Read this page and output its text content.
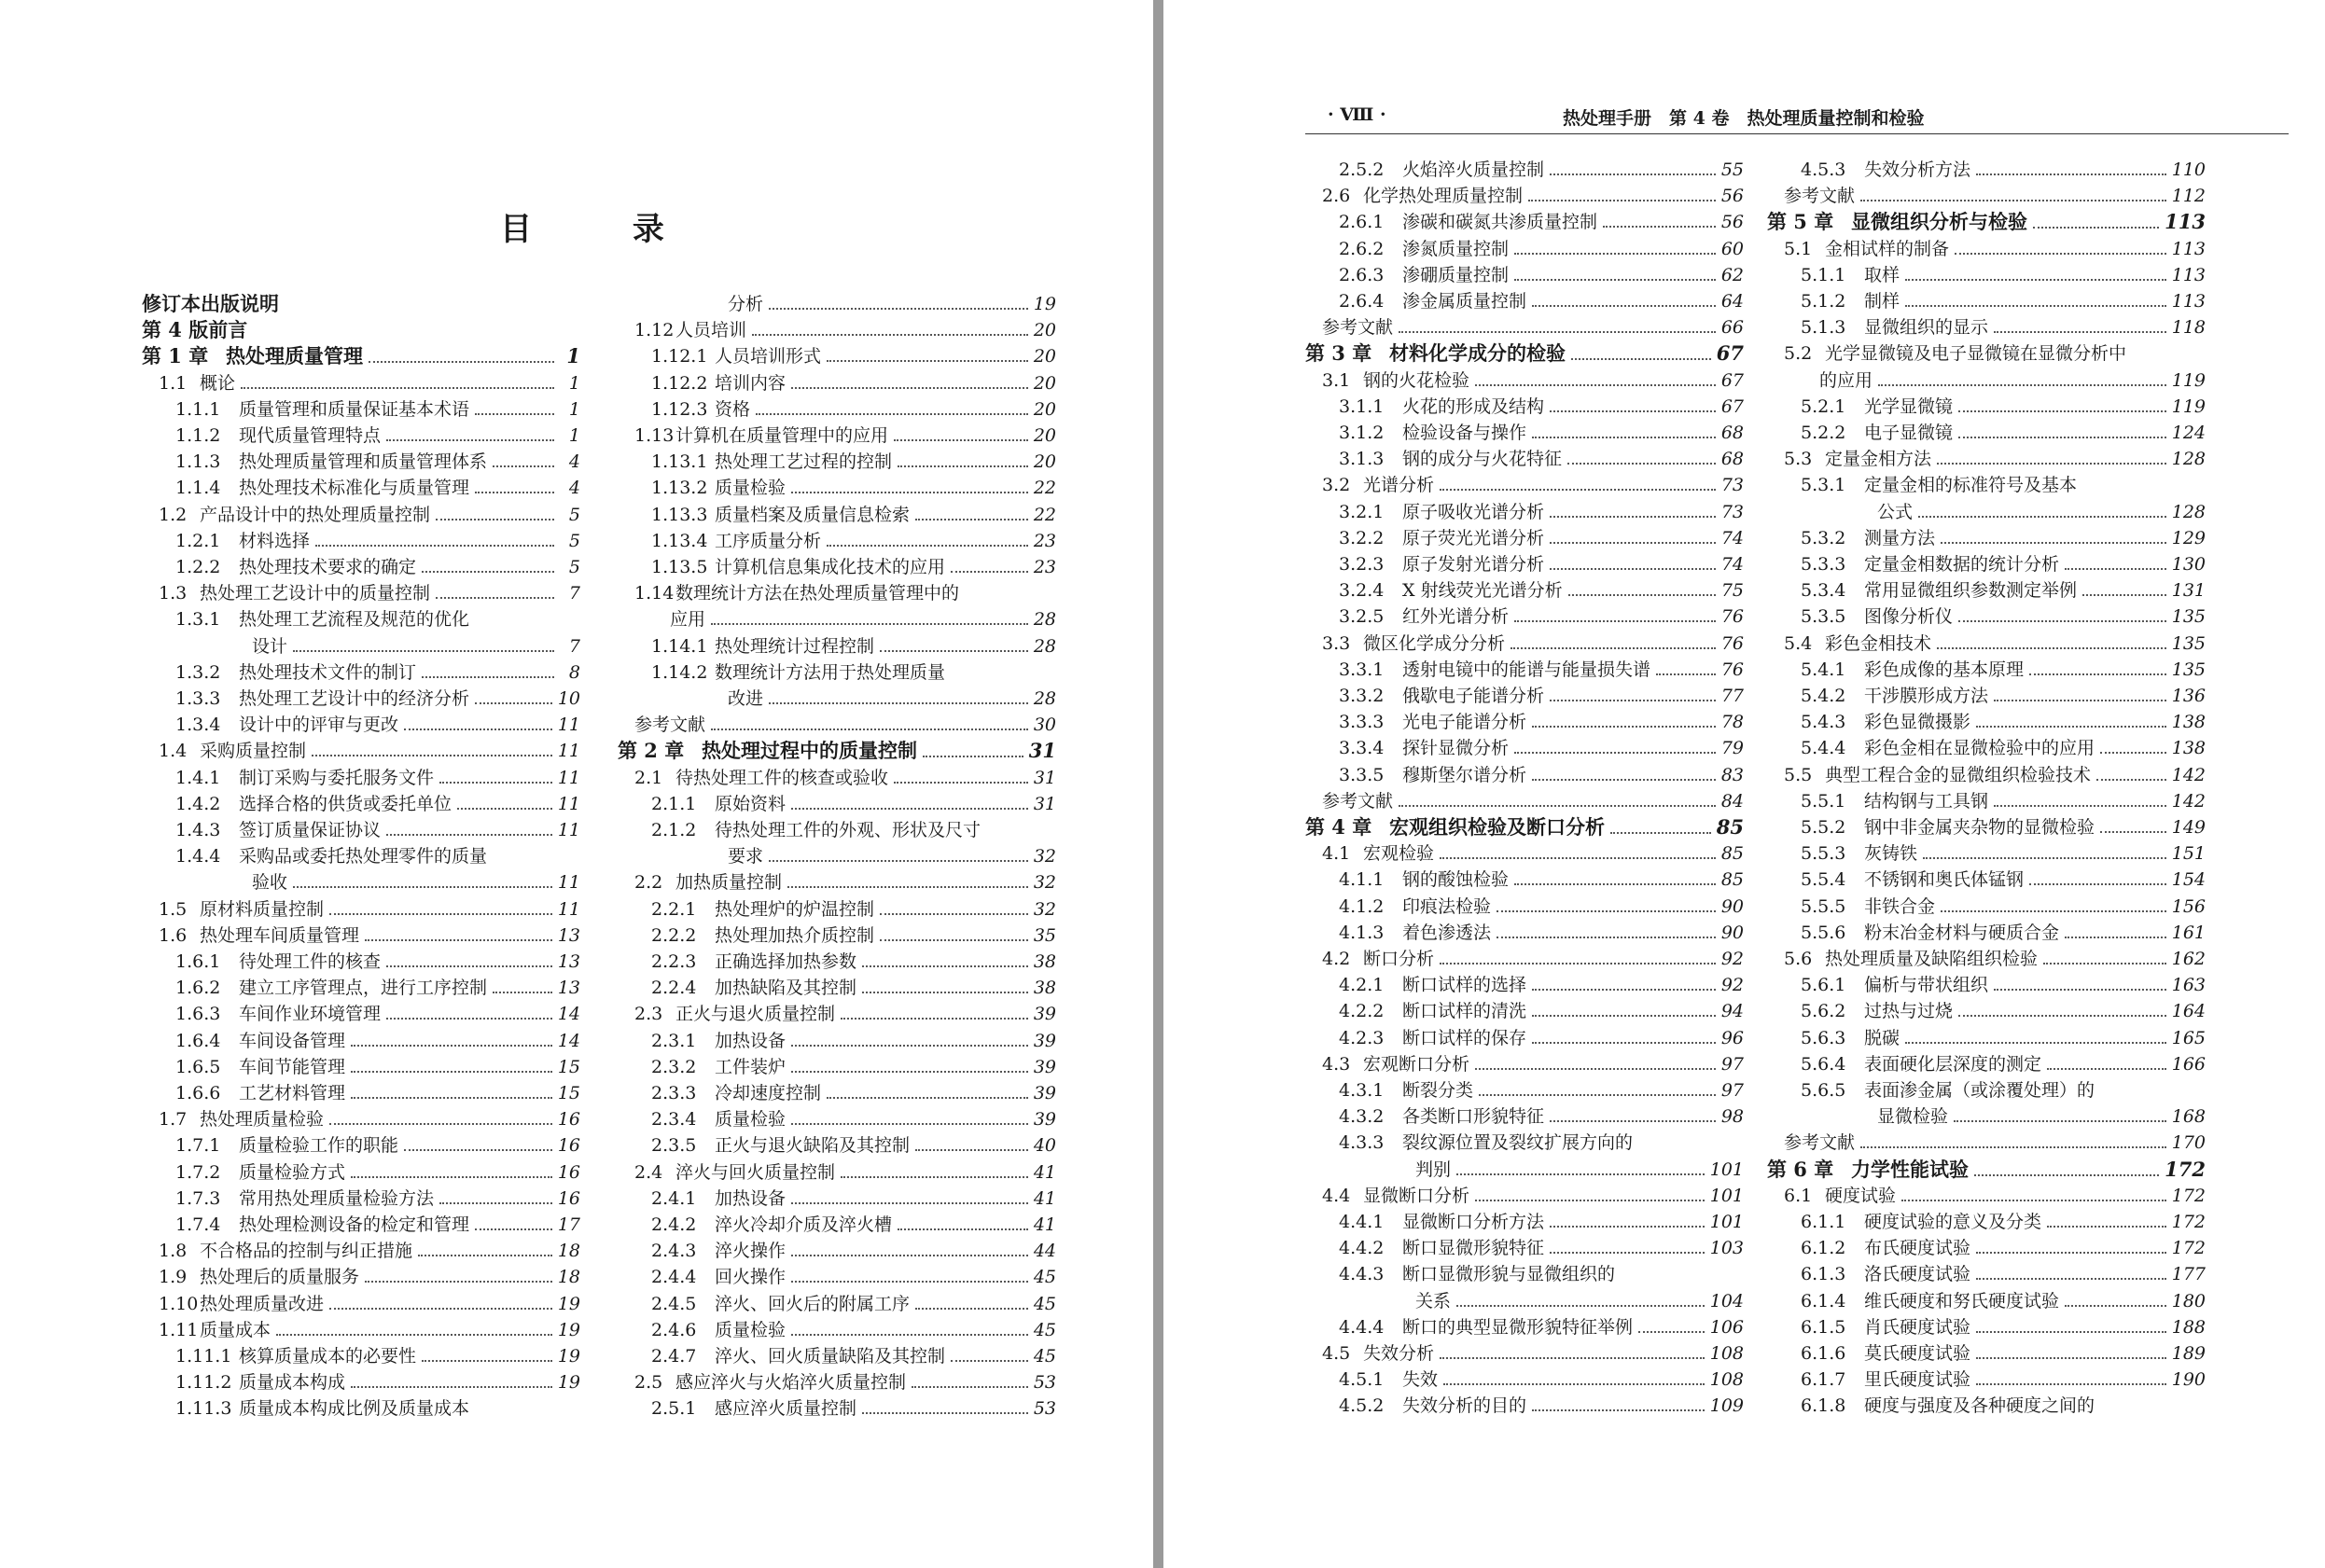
目 录
修订本出版说明
第 4 版前言
第 1 章 热处理质量管理	1
1.1 概论	1
1.1.1	质量管理和质量保证基本术语	1
1.1.2	现代质量管理特点	1
1.1.3	热处理质量管理和质量管理体系	4
1.1.4	热处理技术标准化与质量管理	4
1.2 产品设计中的热处理质量控制	5
1.2.1	材料选择	5
1.2.2	热处理技术要求的确定	5
1.3 热处理工艺设计中的质量控制	7
1.3.1	热处理工艺流程及规范的优化
设计	7
1.3.2	热处理技术文件的制订	8
1.3.3	热处理工艺设计中的经济分析	10
1.3.4	设计中的评审与更改	11
1.4 采购质量控制	11
1.4.1	制订采购与委托服务文件	11
1.4.2	选择合格的供货或委托单位	11
1.4.3	签订质量保证协议	11
1.4.4	采购品或委托热处理零件的质量
验收	11
1.5 原材料质量控制	11
1.6 热处理车间质量管理	13
1.6.1	待处理工件的核查	13
1.6.2	建立工序管理点，进行工序控制	13
1.6.3	车间作业环境管理	14
1.6.4	车间设备管理	14
1.6.5	车间节能管理	15
1.6.6	工艺材料管理	15
1.7 热处理质量检验	16
1.7.1	质量检验工作的职能	16
1.7.2	质量检验方式	16
1.7.3	常用热处理质量检验方法	16
1.7.4	热处理检测设备的检定和管理	17
1.8 不合格品的控制与纠正措施	18
1.9 热处理后的质量服务	18
1.10 热处理质量改进	19
1.11 质量成本	19
1.11.1 核算质量成本的必要性	19
1.11.2 质量成本构成	19
1.11.3 质量成本构成比例及质量成本
分析	19
1.12 人员培训	20
1.12.1 人员培训形式	20
1.12.2 培训内容	20
1.12.3 资格	20
1.13 计算机在质量管理中的应用	20
1.13.1 热处理工艺过程的控制	20
1.13.2 质量检验	22
1.13.3 质量档案及质量信息检索	22
1.13.4 工序质量分析	23
1.13.5 计算机信息集成化技术的应用	23
1.14 数理统计方法在热处理质量管理中的
应用	28
1.14.1 热处理统计过程控制	28
1.14.2 数理统计方法用于热处理质量
改进	28
参考文献	30
第 2 章 热处理过程中的质量控制	31
2.1 待热处理工件的核查或验收	31
2.1.1	原始资料	31
2.1.2	待热处理工件的外观、形状及尺寸
要求	32
2.2 加热质量控制	32
2.2.1	热处理炉的炉温控制	32
2.2.2	热处理加热介质控制	35
2.2.3	正确选择加热参数	38
2.2.4	加热缺陷及其控制	38
2.3 正火与退火质量控制	39
2.3.1	加热设备	39
2.3.2	工件装炉	39
2.3.3	冷却速度控制	39
2.3.4	质量检验	39
2.3.5	正火与退火缺陷及其控制	40
2.4 淬火与回火质量控制	41
2.4.1	加热设备	41
2.4.2	淬火冷却介质及淬火槽	41
2.4.3	淬火操作	44
2.4.4	回火操作	45
2.4.5	淬火、回火后的附属工序	45
2.4.6	质量检验	45
2.4.7	淬火、回火质量缺陷及其控制	45
2.5 感应淬火与火焰淬火质量控制	53
2.5.1	感应淬火质量控制	53
· Ⅷ ·	热处理手册　第 4 卷　热处理质量控制和检验
2.5.2	火焰淬火质量控制	55
2.6 化学热处理质量控制	56
2.6.1	渗碳和碳氮共渗质量控制	56
2.6.2	渗氮质量控制	60
2.6.3	渗硼质量控制	62
2.6.4	渗金属质量控制	64
参考文献	66
第 3 章 材料化学成分的检验	67
3.1 钢的火花检验	67
3.1.1	火花的形成及结构	67
3.1.2	检验设备与操作	68
3.1.3	钢的成分与火花特征	68
3.2 光谱分析	73
3.2.1	原子吸收光谱分析	73
3.2.2	原子荧光光谱分析	74
3.2.3	原子发射光谱分析	74
3.2.4	X 射线荧光光谱分析	75
3.2.5	红外光谱分析	76
3.3 微区化学成分分析	76
3.3.1	透射电镜中的能谱与能量损失谱	76
3.3.2	俄歇电子能谱分析	77
3.3.3	光电子能谱分析	78
3.3.4	探针显微分析	79
3.3.5	穆斯堡尔谱分析	83
参考文献	84
第 4 章 宏观组织检验及断口分析	85
4.1 宏观检验	85
4.1.1	钢的酸蚀检验	85
4.1.2	印痕法检验	90
4.1.3	着色渗透法	90
4.2 断口分析	92
4.2.1	断口试样的选择	92
4.2.2	断口试样的清洗	94
4.2.3	断口试样的保存	96
4.3 宏观断口分析	97
4.3.1	断裂分类	97
4.3.2	各类断口形貌特征	98
4.3.3	裂纹源位置及裂纹扩展方向的
判别	101
4.4 显微断口分析	101
4.4.1	显微断口分析方法	101
4.4.2	断口显微形貌特征	103
4.4.3	断口显微形貌与显微组织的
关系	104
4.4.4	断口的典型显微形貌特征举例	106
4.5 失效分析	108
4.5.1	失效	108
4.5.2	失效分析的目的	109
4.5.3	失效分析方法	110
参考文献	112
第 5 章 显微组织分析与检验	113
5.1 金相试样的制备	113
5.1.1	取样	113
5.1.2	制样	113
5.1.3	显微组织的显示	118
5.2 光学显微镜及电子显微镜在显微分析中
的应用	119
5.2.1	光学显微镜	119
5.2.2	电子显微镜	124
5.3 定量金相方法	128
5.3.1	定量金相的标准符号及基本
公式	128
5.3.2	测量方法	129
5.3.3	定量金相数据的统计分析	130
5.3.4	常用显微组织参数测定举例	131
5.3.5	图像分析仪	135
5.4 彩色金相技术	135
5.4.1	彩色成像的基本原理	135
5.4.2	干涉膜形成方法	136
5.4.3	彩色显微摄影	138
5.4.4	彩色金相在显微检验中的应用	138
5.5 典型工程合金的显微组织检验技术	142
5.5.1	结构钢与工具钢	142
5.5.2	钢中非金属夹杂物的显微检验	149
5.5.3	灰铸铁	151
5.5.4	不锈钢和奥氏体锰钢	154
5.5.5	非铁合金	156
5.5.6	粉末冶金材料与硬质合金	161
5.6 热处理质量及缺陷组织检验	162
5.6.1	偏析与带状组织	163
5.6.2	过热与过烧	164
5.6.3	脱碳	165
5.6.4	表面硬化层深度的测定	166
5.6.5	表面渗金属（或涂覆处理）的
显微检验	168
参考文献	170
第 6 章 力学性能试验	172
6.1 硬度试验	172
6.1.1	硬度试验的意义及分类	172
6.1.2	布氏硬度试验	172
6.1.3	洛氏硬度试验	177
6.1.4	维氏硬度和努氏硬度试验	180
6.1.5	肖氏硬度试验	188
6.1.6	莫氏硬度试验	189
6.1.7	里氏硬度试验	190
6.1.8	硬度与强度及各种硬度之间的
